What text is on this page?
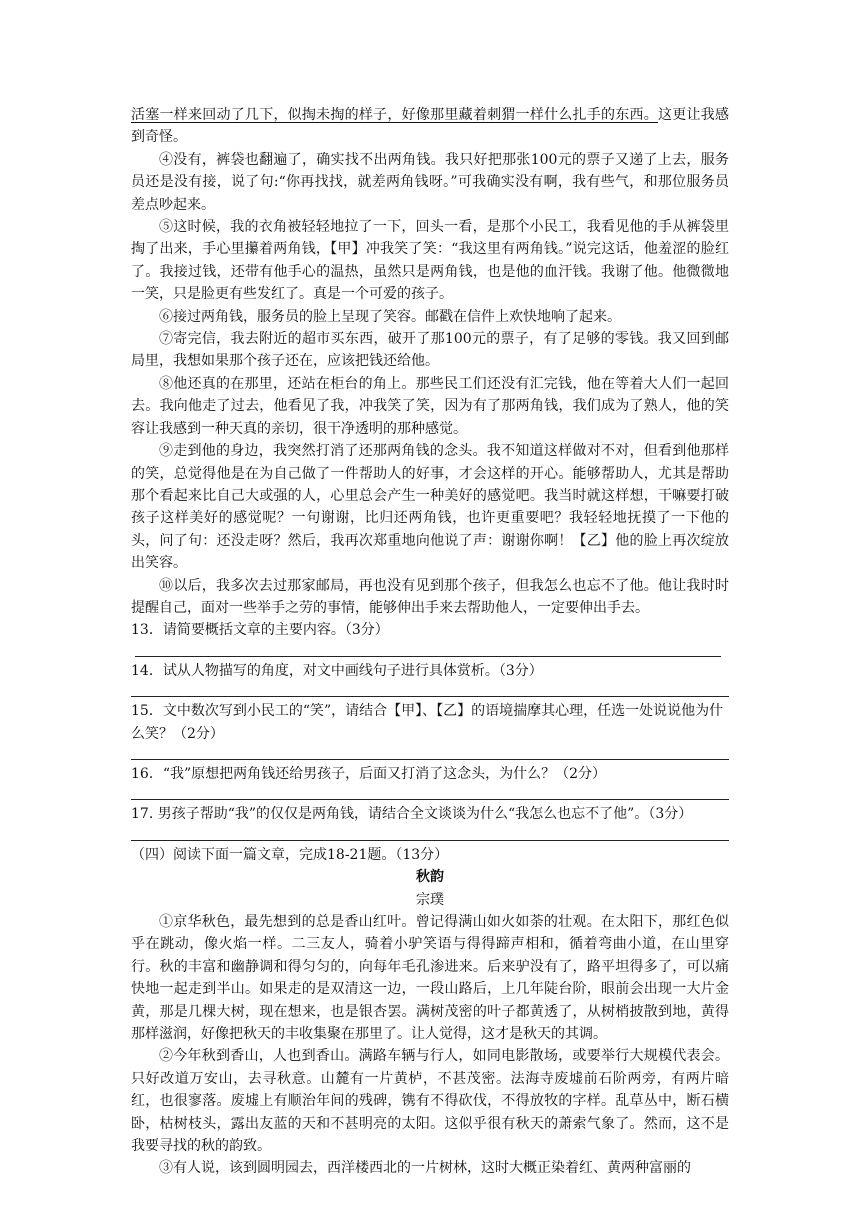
活塞一样来回动了几下，似掏未掏的样子，好像那里藏着刺猬一样什么扎手的东西。这更让我感到奇怪。

④没有，裤袋也翻遍了，确实找不出两角钱。我只好把那张100元的票子又递了上去，服务员还是没有接，说了句:“你再找找，就差两角钱呀。”可我确实没有啊，我有些气，和那位服务员差点吵起来。

⑤这时候，我的衣角被轻轻地拉了一下，回头一看，是那个小民工，我看见他的手从裤袋里掏了出来，手心里攥着两角钱，【甲】冲我笑了笑：“我这里有两角钱。”说完这话，他羞涩的脸红了。我接过钱，还带有他手心的温热，虽然只是两角钱，也是他的血汗钱。我谢了他。他微微地一笑，只是脸更有些发红了。真是一个可爱的孩子。

⑥接过两角钱，服务员的脸上呈现了笑容。邮戳在信件上欢快地响了起来。

⑦寄完信，我去附近的超市买东西，破开了那100元的票子，有了足够的零钱。我又回到邮局里，我想如果那个孩子还在，应该把钱还给他。

⑧他还真的在那里，还站在柜台的角上。那些民工们还没有汇完钱，他在等着大人们一起回去。我向他走了过去，他看见了我，冲我笑了笑，因为有了那两角钱，我们成为了熟人，他的笑容让我感到一种天真的亲切，很干净透明的那种感觉。

⑨走到他的身边，我突然打消了还那两角钱的念头。我不知道这样做对不对，但看到他那样的笑，总觉得他是在为自己做了一件帮助人的好事，才会这样的开心。能够帮助人，尤其是帮助那个看起来比自己大或强的人，心里总会产生一种美好的感觉吧。我当时就这样想，干嘛要打破孩子这样美好的感觉呢？一句谢谢，比归还两角钱，也许更重要吧？我轻轻地抚摸了一下他的头，问了句：还没走呀？然后，我再次郑重地向他说了声：谢谢你啊！【乙】他的脸上再次绽放出笑容。

⑩以后，我多次去过那家邮局，再也没有见到那个孩子，但我怎么也忘不了他。他让我时时提醒自己，面对一些举手之劳的事情，能够伸出手来去帮助他人，一定要伸出手去。

13．请简要概括文章的主要内容。（3分）

14．试从人物描写的角度，对文中画线句子进行具体赏析。（3分）

15．文中数次写到小民工的“笑”，请结合【甲】、【乙】的语境揣摩其心理，任选一处说说他为什么笑？（2分）

16．“我”原想把两角钱还给男孩子，后面又打消了这念头，为什么？（2分）

17. 男孩子帮助“我”的仅仅是两角钱，请结合全文谈谈为什么“我怎么也忘不了他”。（3分）

（四）阅读下面一篇文章，完成18-21题。（13分）

秋韵

宗璞

①京华秋色，最先想到的总是香山红叶。曾记得满山如火如荼的壮观。在太阳下，那红色似乎在跳动，像火焰一样。二三友人，骑着小驴笑语与得得蹄声相和，循着弯曲小道，在山里穿行。秋的丰富和幽静调和得匀匀的，向每年毛孔渗进来。后来驴没有了，路平坦得多了，可以痛快地一起走到半山。如果走的是双清这一边，一段山路后，上几年陡台阶，眼前会出现一大片金黄，那是几棵大树，现在想来，也是银杏罢。满树茂密的叶子都黄透了，从树梢披散到地，黄得那样滋润，好像把秋天的丰收集聚在那里了。让人觉得，这才是秋天的其调。

②今年秋到香山，人也到香山。满路车辆与行人，如同电影散场，或要举行大规模代表会。只好改道万安山，去寻秋意。山麓有一片黄栌，不甚茂密。法海寺废墟前石阶两旁，有两片暗红，也很寥落。废墟上有顺治年间的残碑，镌有不得砍伐，不得放牧的字样。乱草丛中，断石横卧，枯树枝头，露出友蓝的天和不甚明亮的太阳。这似乎很有秋天的萧索气象了。然而，这不是我要寻找的秋的韵致。

③有人说，该到圆明园去，西洋楼西北的一片树林，这时大概正染着红、黄两种富丽的
